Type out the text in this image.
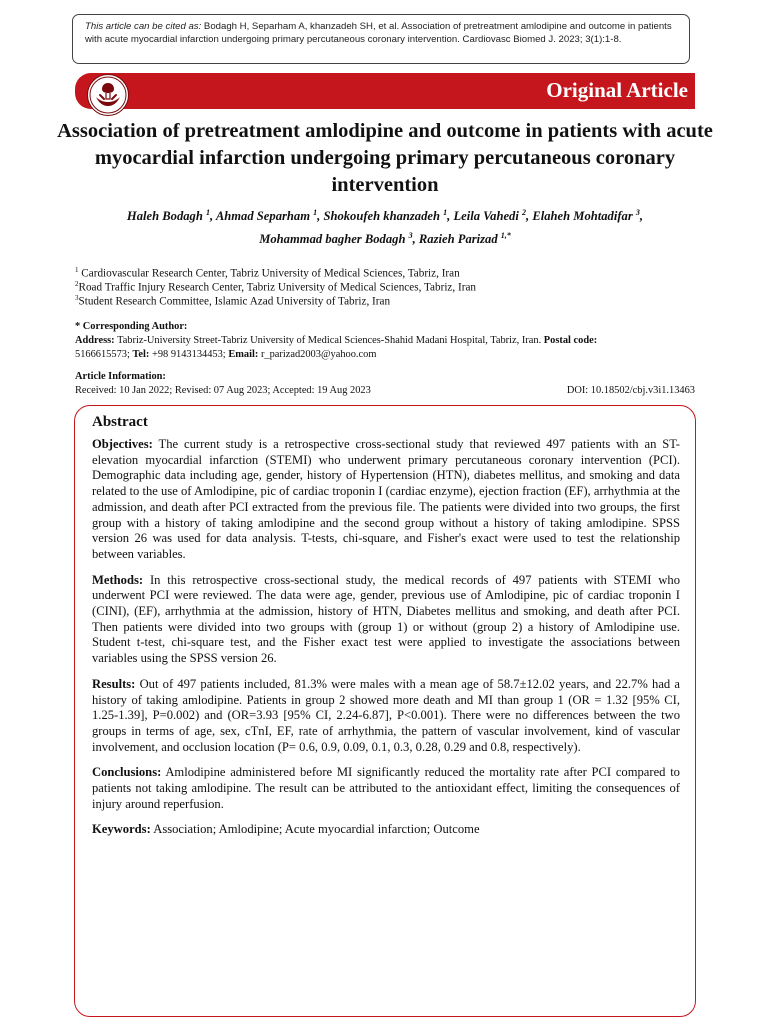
This article can be cited as: Bodagh H, Separham A, khanzadeh SH, et al. Association of pretreatment amlodipine and outcome in patients with acute myocardial infarction undergoing primary percutaneous coronary intervention. Cardiovasc Biomed J. 2023; 3(1):1-8.
Original Article
Association of pretreatment amlodipine and outcome in patients with acute myocardial infarction undergoing primary percutaneous coronary intervention
Haleh Bodagh $^1$, Ahmad Separham $^1$, Shokoufeh khanzadeh $^1$, Leila Vahedi $^2$, Elaheh Mohtadifar $^3$,
Mohammad bagher Bodagh $^3$, Razieh Parizad $^{1,*}$
$^1$ Cardiovascular Research Center, Tabriz University of Medical Sciences, Tabriz, Iran
$^2$Road Traffic Injury Research Center, Tabriz University of Medical Sciences, Tabriz, Iran
$^3$Student Research Committee, Islamic Azad University of Tabriz, Iran
* Corresponding Author:
Address: Tabriz-University Street-Tabriz University of Medical Sciences-Shahid Madani Hospital, Tabriz, Iran. Postal code:
5166615573; Tel: +98 9143134453; Email: r_parizad2003@yahoo.com
Article Information:
Received: 10 Jan 2022; Revised: 07 Aug 2023; Accepted: 19 Aug 2023	DOI: 10.18502/cbj.v3i1.13463
Abstract

Objectives: The current study is a retrospective cross-sectional study that reviewed 497 patients with an ST-elevation myocardial infarction (STEMI) who underwent primary percutaneous coronary intervention (PCI). Demographic data including age, gender, history of Hypertension (HTN), diabetes mellitus, and smoking and data related to the use of Amlodipine, pic of cardiac troponin I (cardiac enzyme), ejection fraction (EF), arrhythmia at the admission, and death after PCI extracted from the previous file. The patients were divided into two groups, the first group with a history of taking amlodipine and the second group without a history of taking amlodipine. SPSS version 26 was used for data analysis. T-tests, chi-square, and Fisher's exact were used to test the relationship between variables.

Methods: In this retrospective cross-sectional study, the medical records of 497 patients with STEMI who underwent PCI were reviewed. The data were age, gender, previous use of Amlodipine, pic of cardiac troponin I (CINI), (EF), arrhythmia at the admission, history of HTN, Diabetes mellitus and smoking, and death after PCI. Then patients were divided into two groups with (group 1) or without (group 2) a history of Amlodipine use. Student t-test, chi-square test, and the Fisher exact test were applied to investigate the associations between variables using the SPSS version 26.

Results: Out of 497 patients included, 81.3% were males with a mean age of 58.7±12.02 years, and 22.7% had a history of taking amlodipine. Patients in group 2 showed more death and MI than group 1 (OR = 1.32 [95% CI, 1.25-1.39], P=0.002) and (OR=3.93 [95% CI, 2.24-6.87], P<0.001). There were no differences between the two groups in terms of age, sex, cTnI, EF, rate of arrhythmia, the pattern of vascular involvement, kind of vascular involvement, and occlusion location (P= 0.6, 0.9, 0.09, 0.1, 0.3, 0.28, 0.29 and 0.8, respectively).

Conclusions: Amlodipine administered before MI significantly reduced the mortality rate after PCI compared to patients not taking amlodipine. The result can be attributed to the antioxidant effect, limiting the consequences of injury around reperfusion.

Keywords: Association; Amlodipine; Acute myocardial infarction; Outcome
